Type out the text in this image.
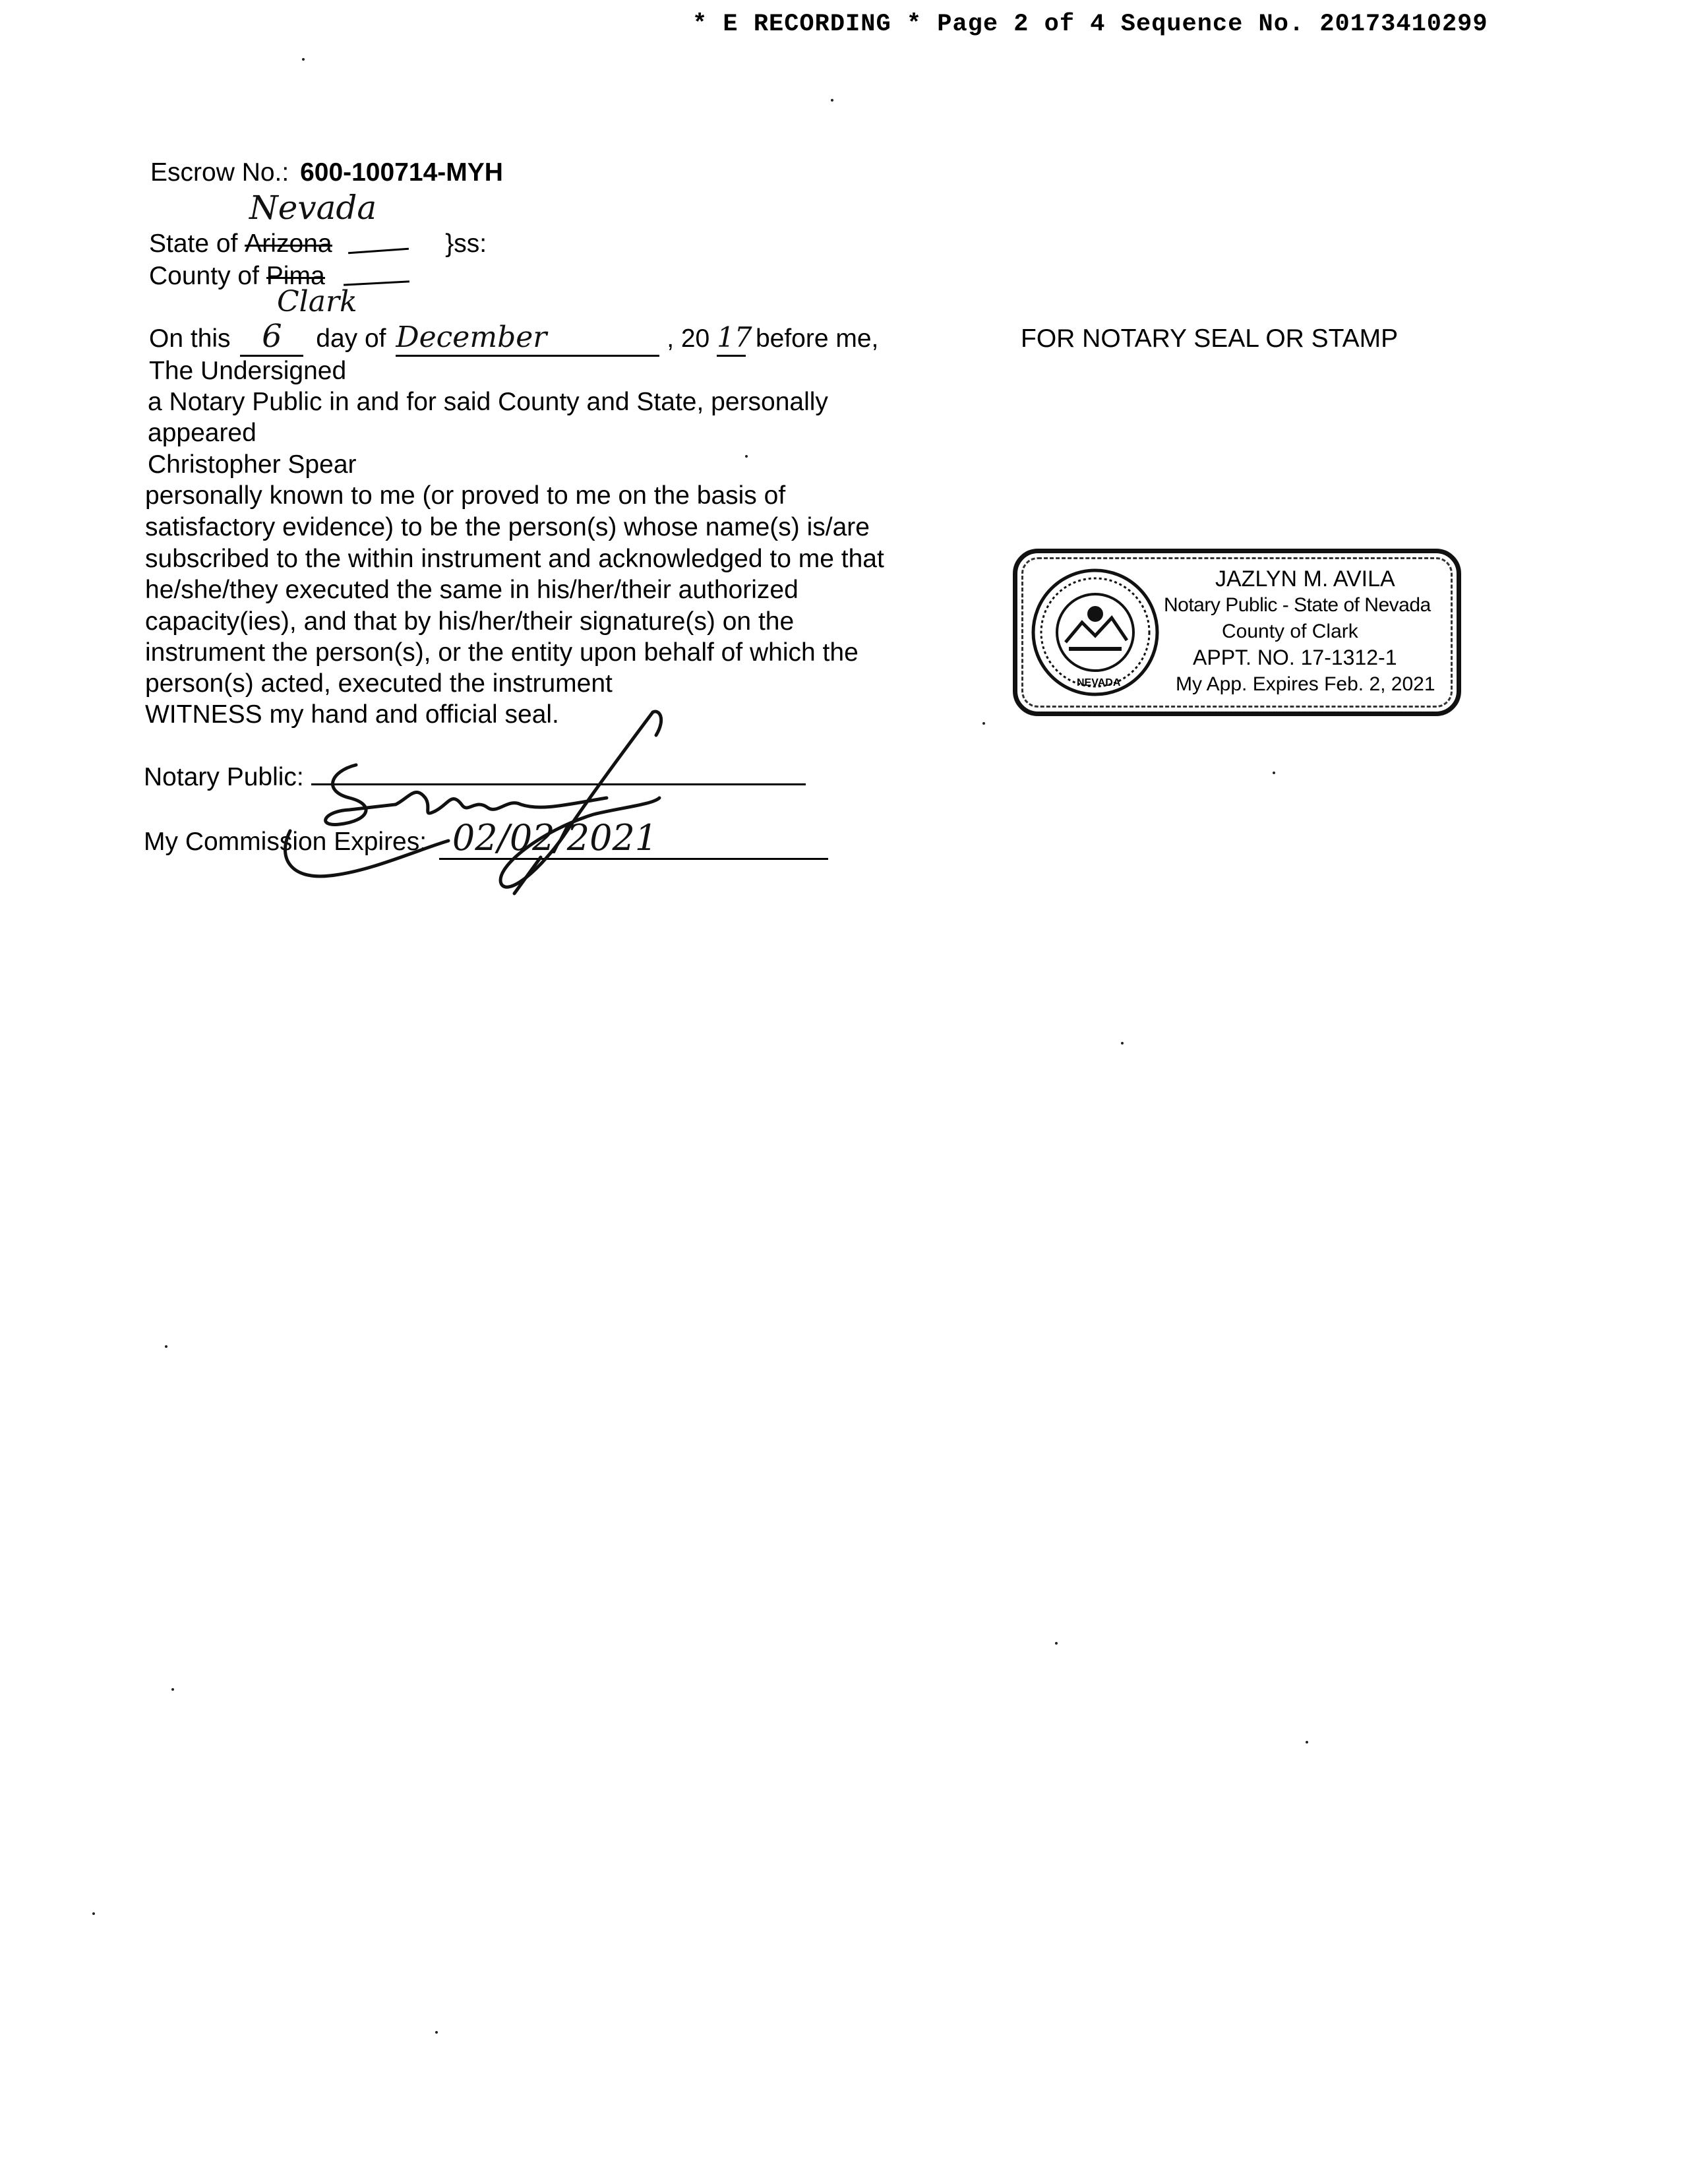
* E RECORDING * Page 2 of 4 Sequence No. 20173410299
Escrow No.: 600-100714-MYH
Nevada
State of Arizona	}ss:
County of Pima
Clark
On this 6 day of December	, 20 17 before me,
The Undersigned
a Notary Public in and for said County and State, personally
appeared
Christopher Spear
personally known to me (or proved to me on the basis of
satisfactory evidence) to be the person(s) whose name(s) is/are
subscribed to the within instrument and acknowledged to me that
he/she/they executed the same in his/her/their authorized
capacity(ies), and that by his/her/their signature(s) on the
instrument the person(s), or the entity upon behalf of which the
person(s) acted, executed the instrument
WITNESS my hand and official seal.
Notary Public:
My Commission Expires: 02/02/2021
FOR NOTARY SEAL OR STAMP
NEVADA
JAZLYN M. AVILA
Notary Public - State of Nevada
County of Clark
APPT. NO. 17-1312-1
My App. Expires Feb. 2, 2021
